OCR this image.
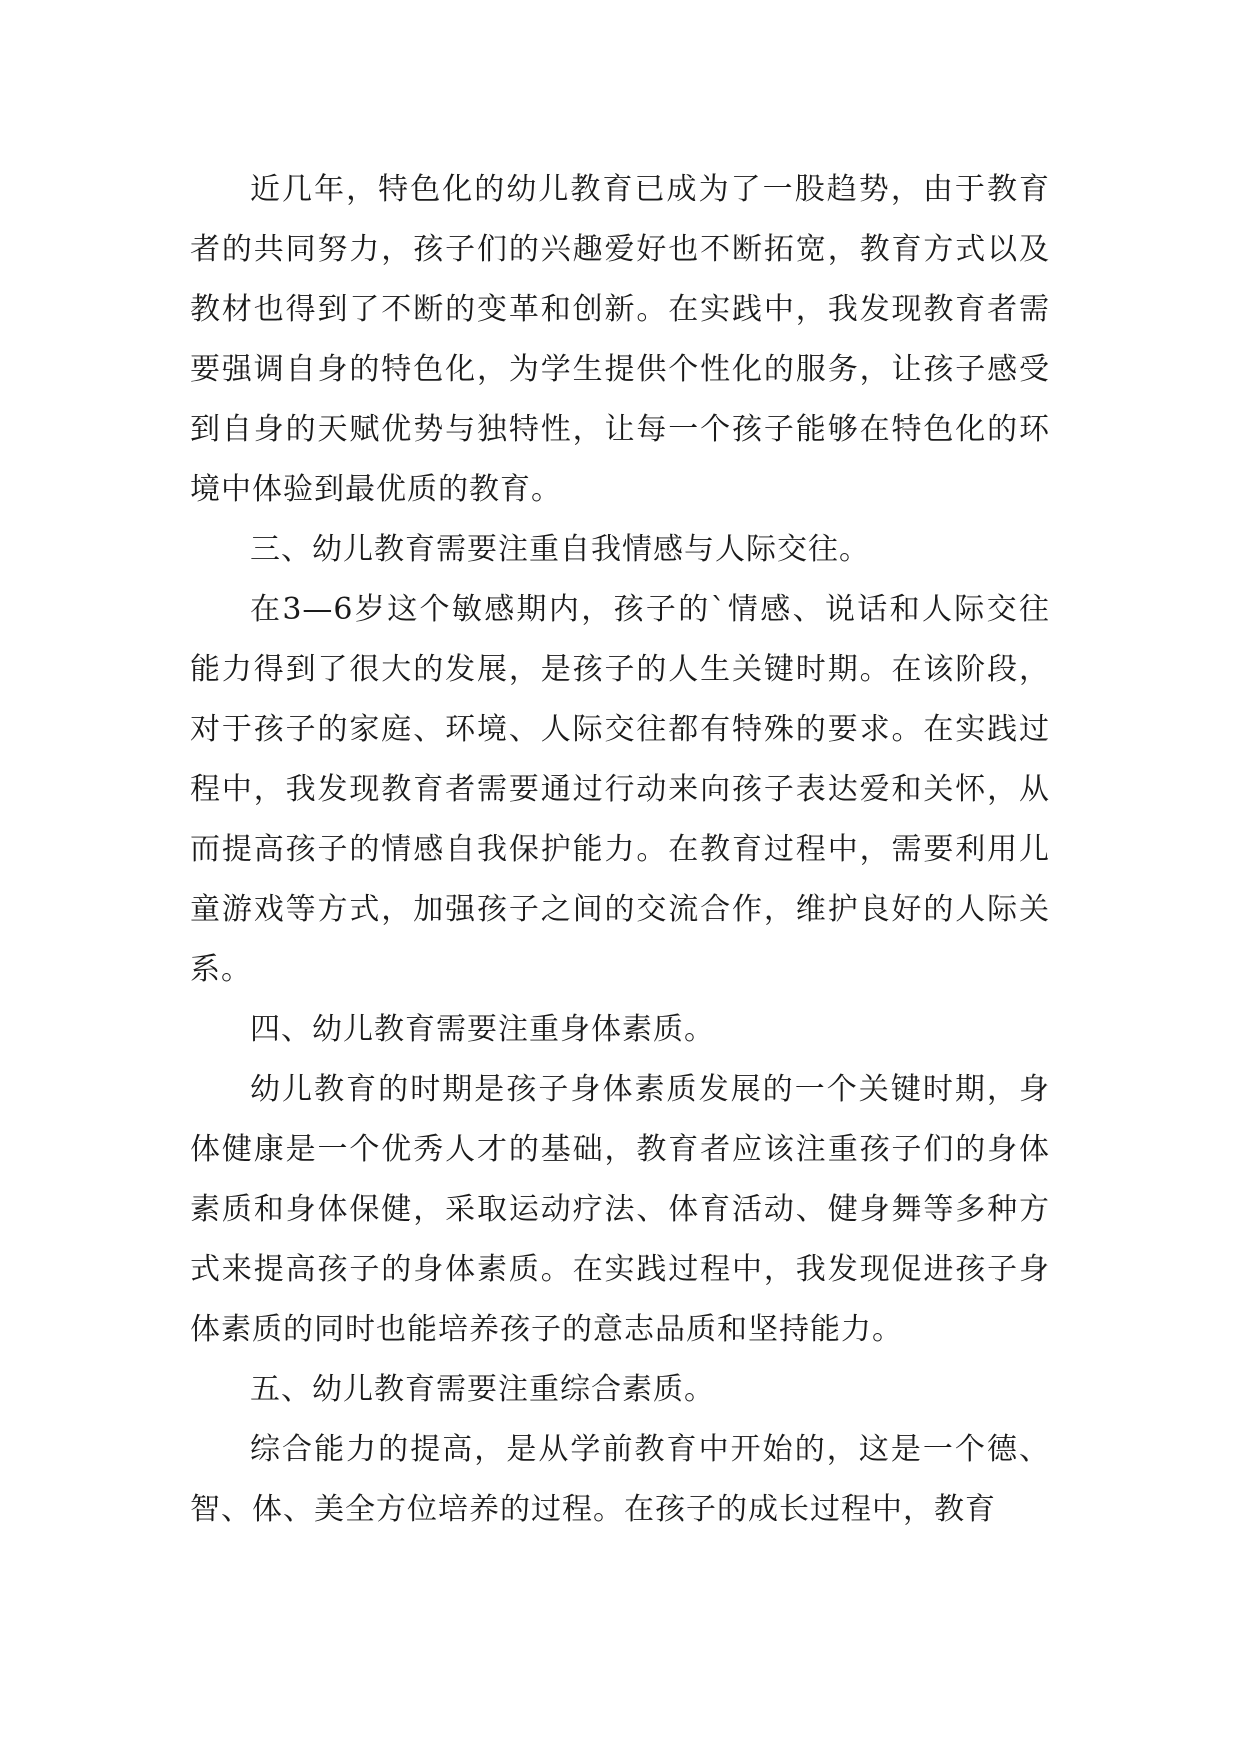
近几年，特色化的幼儿教育已成为了一股趋势，由于教育者的共同努力，孩子们的兴趣爱好也不断拓宽，教育方式以及教材也得到了不断的变革和创新。在实践中，我发现教育者需要强调自身的特色化，为学生提供个性化的服务，让孩子感受到自身的天赋优势与独特性，让每一个孩子能够在特色化的环境中体验到最优质的教育。

三、幼儿教育需要注重自我情感与人际交往。

在3—6岁这个敏感期内，孩子的`情感、说话和人际交往能力得到了很大的发展，是孩子的人生关键时期。在该阶段，对于孩子的家庭、环境、人际交往都有特殊的要求。在实践过程中，我发现教育者需要通过行动来向孩子表达爱和关怀，从而提高孩子的情感自我保护能力。在教育过程中，需要利用儿童游戏等方式，加强孩子之间的交流合作，维护良好的人际关系。

四、幼儿教育需要注重身体素质。

幼儿教育的时期是孩子身体素质发展的一个关键时期，身体健康是一个优秀人才的基础，教育者应该注重孩子们的身体素质和身体保健，采取运动疗法、体育活动、健身舞等多种方式来提高孩子的身体素质。在实践过程中，我发现促进孩子身体素质的同时也能培养孩子的意志品质和坚持能力。

五、幼儿教育需要注重综合素质。

综合能力的提高，是从学前教育中开始的，这是一个德、智、体、美全方位培养的过程。在孩子的成长过程中，教育
